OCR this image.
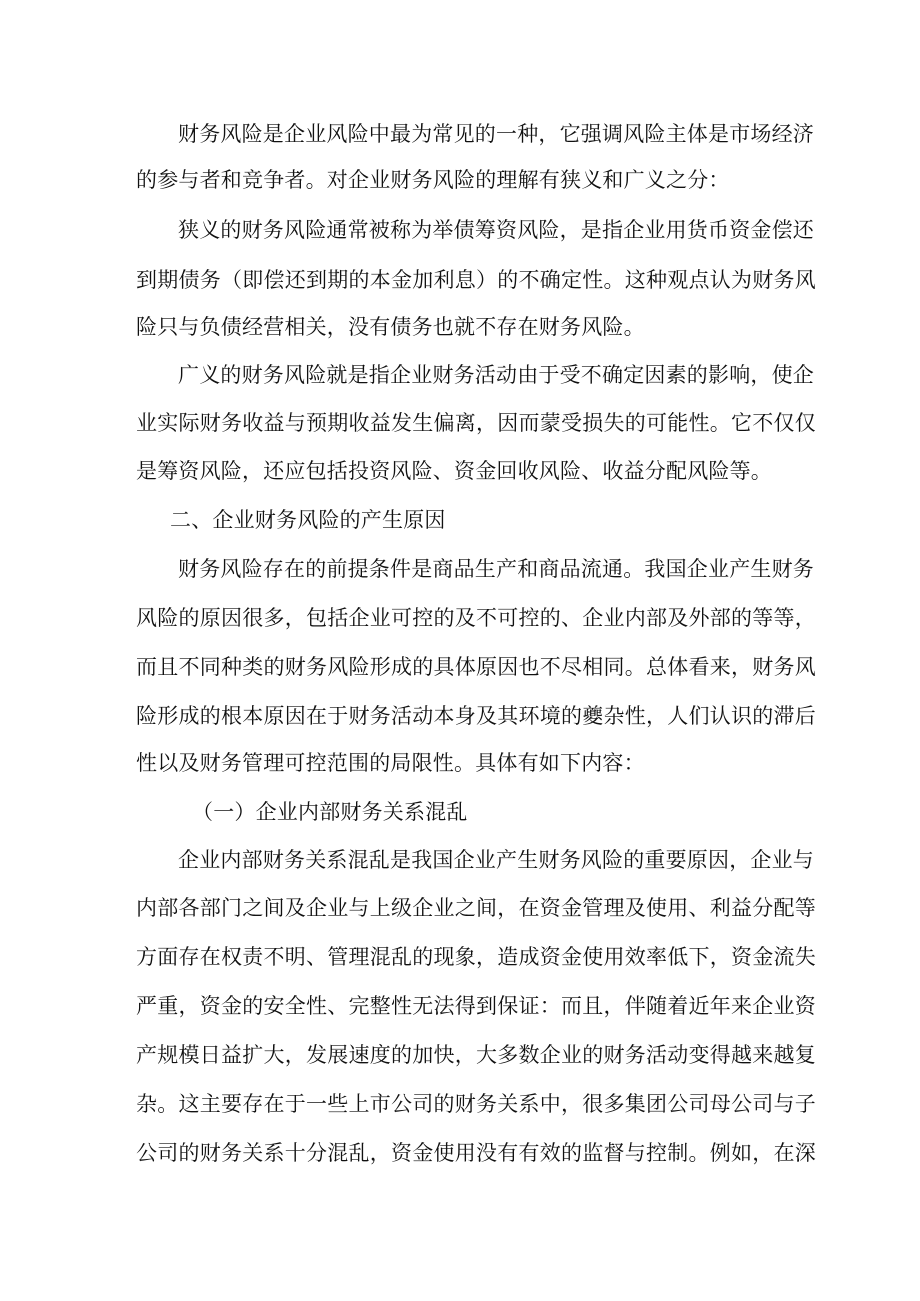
财务风险是企业风险中最为常见的一种，它强调风险主体是市场经济
的参与者和竞争者。对企业财务风险的理解有狭义和广义之分：
狭义的财务风险通常被称为举债筹资风险，是指企业用货币资金偿还
到期债务（即偿还到期的本金加利息）的不确定性。这种观点认为财务风
险只与负债经营相关，没有债务也就不存在财务风险。
广义的财务风险就是指企业财务活动由于受不确定因素的影响，使企
业实际财务收益与预期收益发生偏离，因而蒙受损失的可能性。它不仅仅
是筹资风险，还应包括投资风险、资金回收风险、收益分配风险等。
二、企业财务风险的产生原因
财务风险存在的前提条件是商品生产和商品流通。我国企业产生财务
风险的原因很多，包括企业可控的及不可控的、企业内部及外部的等等，
而且不同种类的财务风险形成的具体原因也不尽相同。总体看来，财务风
险形成的根本原因在于财务活动本身及其环境的夔杂性，人们认识的滞后
性以及财务管理可控范围的局限性。具体有如下内容：
（一）企业内部财务关系混乱
企业内部财务关系混乱是我国企业产生财务风险的重要原因，企业与
内部各部门之间及企业与上级企业之间，在资金管理及使用、利益分配等
方面存在权责不明、管理混乱的现象，造成资金使用效率低下，资金流失
严重，资金的安全性、完整性无法得到保证：而且，伴随着近年来企业资
产规模日益扩大，发展速度的加快，大多数企业的财务活动变得越来越复
杂。这主要存在于一些上市公司的财务关系中，很多集团公司母公司与子
公司的财务关系十分混乱，资金使用没有有效的监督与控制。例如，在深
